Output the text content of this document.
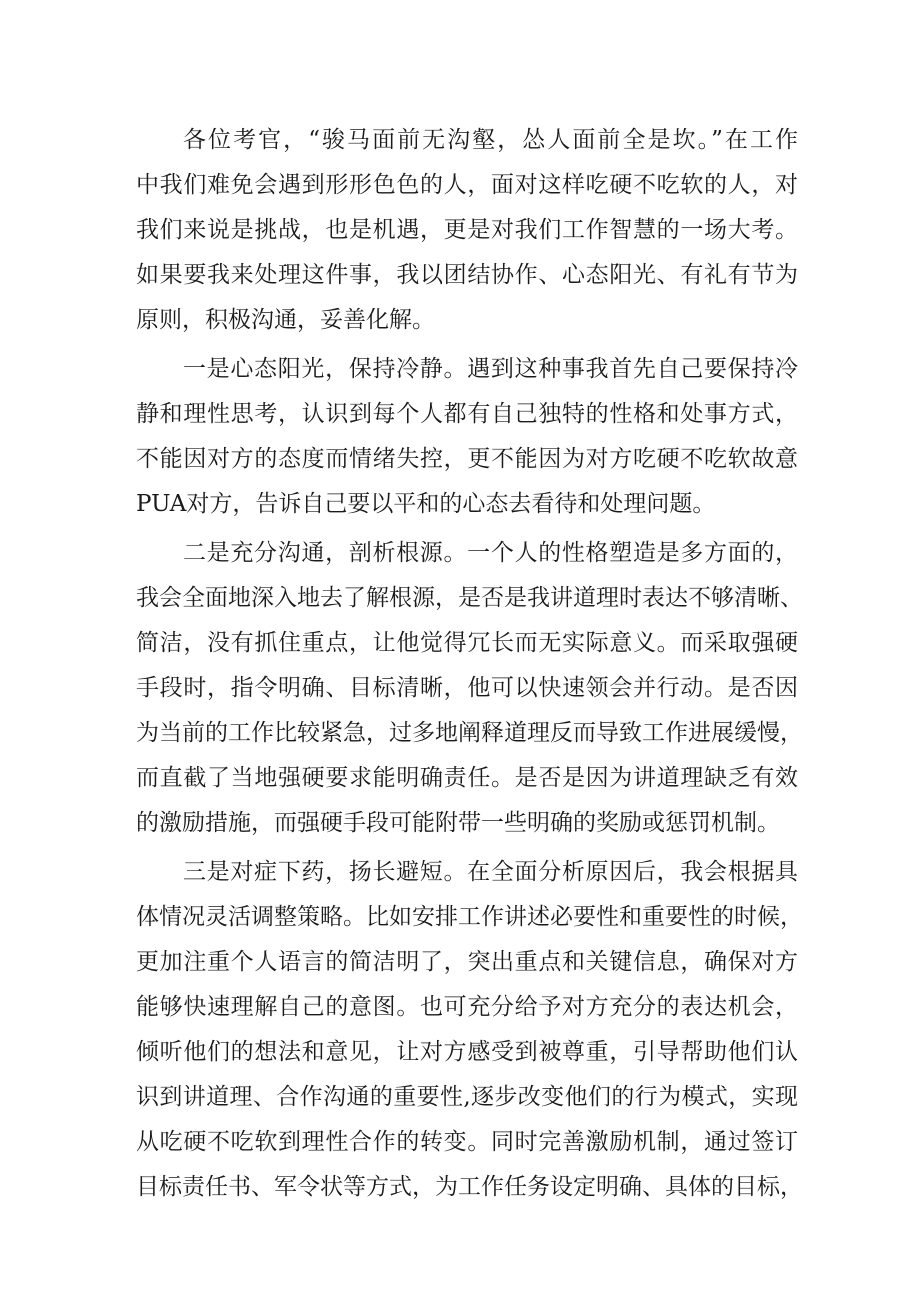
各位考官，“骏马面前无沟壑，怂人面前全是坎。”在工作
中我们难免会遇到形形色色的人，面对这样吃硬不吃软的人，对
我们来说是挑战，也是机遇，更是对我们工作智慧的一场大考。
如果要我来处理这件事，我以团结协作、心态阳光、有礼有节为
原则，积极沟通，妥善化解。
一是心态阳光，保持冷静。遇到这种事我首先自己要保持冷
静和理性思考，认识到每个人都有自己独特的性格和处事方式，
不能因对方的态度而情绪失控，更不能因为对方吃硬不吃软故意
PUA对方，告诉自己要以平和的心态去看待和处理问题。
二是充分沟通，剖析根源。一个人的性格塑造是多方面的，
我会全面地深入地去了解根源，是否是我讲道理时表达不够清晰、
简洁，没有抓住重点，让他觉得冗长而无实际意义。而采取强硬
手段时，指令明确、目标清晰，他可以快速领会并行动。是否因
为当前的工作比较紧急，过多地阐释道理反而导致工作进展缓慢，
而直截了当地强硬要求能明确责任。是否是因为讲道理缺乏有效
的激励措施，而强硬手段可能附带一些明确的奖励或惩罚机制。
三是对症下药，扬长避短。在全面分析原因后，我会根据具
体情况灵活调整策略。比如安排工作讲述必要性和重要性的时候，
更加注重个人语言的简洁明了，突出重点和关键信息，确保对方
能够快速理解自己的意图。也可充分给予对方充分的表达机会，
倾听他们的想法和意见，让对方感受到被尊重，引导帮助他们认
识到讲道理、合作沟通的重要性,逐步改变他们的行为模式，实现
从吃硬不吃软到理性合作的转变。同时完善激励机制，通过签订
目标责任书、军令状等方式，为工作任务设定明确、具体的目标，
